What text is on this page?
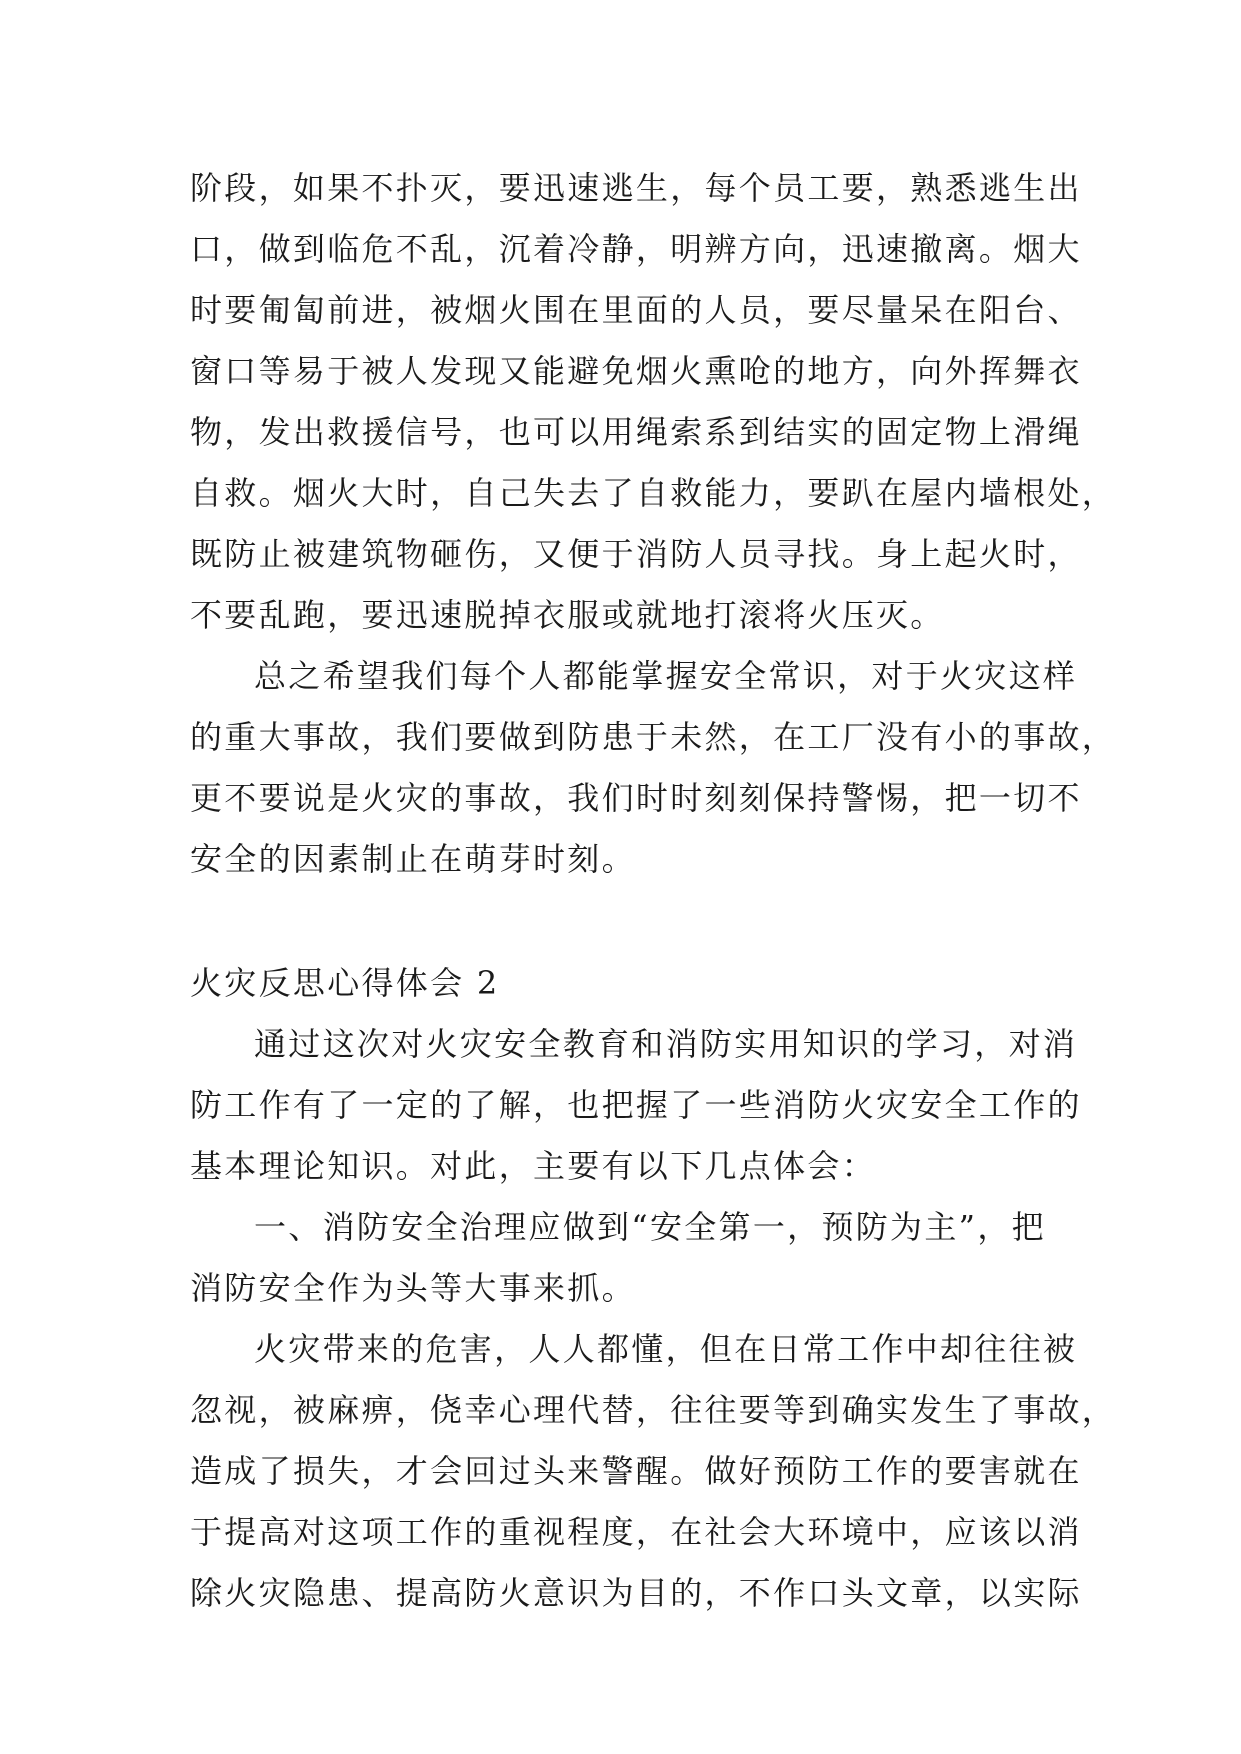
阶段，如果不扑灭，要迅速逃生，每个员工要，熟悉逃生出
口，做到临危不乱，沉着冷静，明辨方向，迅速撤离。烟大
时要匍匐前进，被烟火围在里面的人员，要尽量呆在阳台、
窗口等易于被人发现又能避免烟火熏呛的地方，向外挥舞衣
物，发出救援信号，也可以用绳索系到结实的固定物上滑绳
自救。烟火大时，自己失去了自救能力，要趴在屋内墙根处，
既防止被建筑物砸伤，又便于消防人员寻找。身上起火时，
不要乱跑，要迅速脱掉衣服或就地打滚将火压灭。
总之希望我们每个人都能掌握安全常识，对于火灾这样
的重大事故，我们要做到防患于未然，在工厂没有小的事故，
更不要说是火灾的事故，我们时时刻刻保持警惕，把一切不
安全的因素制止在萌芽时刻。
火灾反思心得体会 2
通过这次对火灾安全教育和消防实用知识的学习，对消
防工作有了一定的了解，也把握了一些消防火灾安全工作的
基本理论知识。对此，主要有以下几点体会：
一、消防安全治理应做到“安全第一，预防为主”，把
消防安全作为头等大事来抓。
火灾带来的危害，人人都懂，但在日常工作中却往往被
忽视，被麻痹，侥幸心理代替，往往要等到确实发生了事故，
造成了损失，才会回过头来警醒。做好预防工作的要害就在
于提高对这项工作的重视程度，在社会大环境中，应该以消
除火灾隐患、提高防火意识为目的，不作口头文章，以实际
